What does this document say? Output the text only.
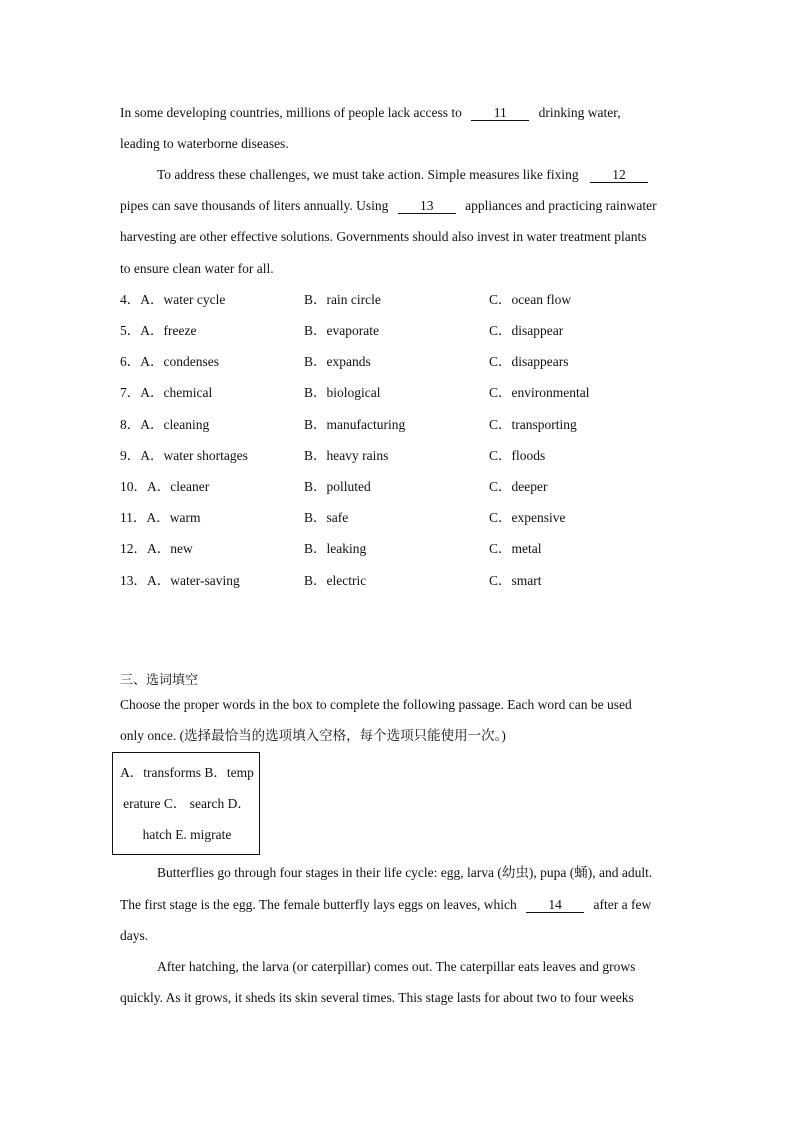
In some developing countries, millions of people lack access to 11 drinking water,
leading to waterborne diseases.
To address these challenges, we must take action. Simple measures like fixing 12
pipes can save thousands of liters annually. Using 13 appliances and practicing rainwater
harvesting are other effective solutions. Governments should also invest in water treatment plants
to ensure clean water for all.
4．A．water cycle	B．rain circle	C．ocean flow
5．A．freeze	B．evaporate	C．disappear
6．A．condenses	B．expands	C．disappears
7．A．chemical	B．biological	C．environmental
8．A．cleaning	B．manufacturing	C．transporting
9．A．water shortages	B．heavy rains	C．floods
10．A．cleaner	B．polluted	C．deeper
11．A．warm	B．safe	C．expensive
12．A．new	B．leaking	C．metal
13．A．water-saving	B．electric	C．smart
三、选词填空
Choose the proper words in the box to complete the following passage. Each word can be used
only once. (选择最恰当的选项填入空格，每个选项只能使用一次。)
A．transforms B．temp
erature C． search D．
hatch E. migrate
Butterflies go through four stages in their life cycle: egg, larva (幼虫), pupa (蛹), and adult.
The first stage is the egg. The female butterfly lays eggs on leaves, which 14 after a few
days.
After hatching, the larva (or caterpillar) comes out. The caterpillar eats leaves and grows
quickly. As it grows, it sheds its skin several times. This stage lasts for about two to four weeks
